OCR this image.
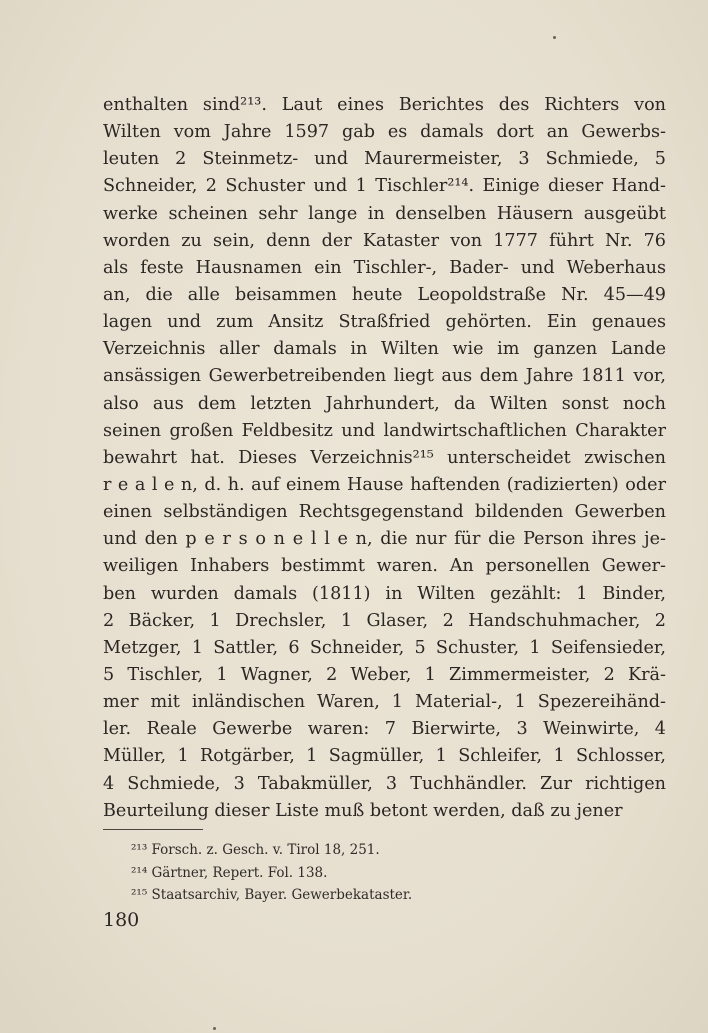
enthalten sind²¹³. Laut eines Berichtes des Richters von
Wilten vom Jahre 1597 gab es damals dort an Gewerbs-
leuten 2 Steinmetz- und Maurermeister, 3 Schmiede, 5
Schneider, 2 Schuster und 1 Tischler²¹⁴. Einige dieser Hand-
werke scheinen sehr lange in denselben Häusern ausgeübt
worden zu sein, denn der Kataster von 1777 führt Nr. 76
als feste Hausnamen ein Tischler-, Bader- und Weberhaus
an, die alle beisammen heute Leopoldstraße Nr. 45—49
lagen und zum Ansitz Straßfried gehörten. Ein genaues
Verzeichnis aller damals in Wilten wie im ganzen Lande
ansässigen Gewerbetreibenden liegt aus dem Jahre 1811 vor,
also aus dem letzten Jahrhundert, da Wilten sonst noch
seinen großen Feldbesitz und landwirtschaftlichen Charakter
bewahrt hat. Dieses Verzeichnis²¹⁵ unterscheidet zwischen
r e a l e n, d. h. auf einem Hause haftenden (radizierten) oder
einen selbständigen Rechtsgegenstand bildenden Gewerben
und den p e r s o n e l l e n, die nur für die Person ihres je-
weiligen Inhabers bestimmt waren. An personellen Gewer-
ben wurden damals (1811) in Wilten gezählt: 1 Binder,
2 Bäcker, 1 Drechsler, 1 Glaser, 2 Handschuhmacher, 2
Metzger, 1 Sattler, 6 Schneider, 5 Schuster, 1 Seifensieder,
5 Tischler, 1 Wagner, 2 Weber, 1 Zimmermeister, 2 Krä-
mer mit inländischen Waren, 1 Material-, 1 Spezereihänd-
ler. Reale Gewerbe waren: 7 Bierwirte, 3 Weinwirte, 4
Müller, 1 Rotgärber, 1 Sagmüller, 1 Schleifer, 1 Schlosser,
4 Schmiede, 3 Tabakmüller, 3 Tuchhändler. Zur richtigen
Beurteilung dieser Liste muß betont werden, daß zu jener
²¹³ Forsch. z. Gesch. v. Tirol 18, 251.
²¹⁴ Gärtner, Repert. Fol. 138.
²¹⁵ Staatsarchiv, Bayer. Gewerbekataster.
180
